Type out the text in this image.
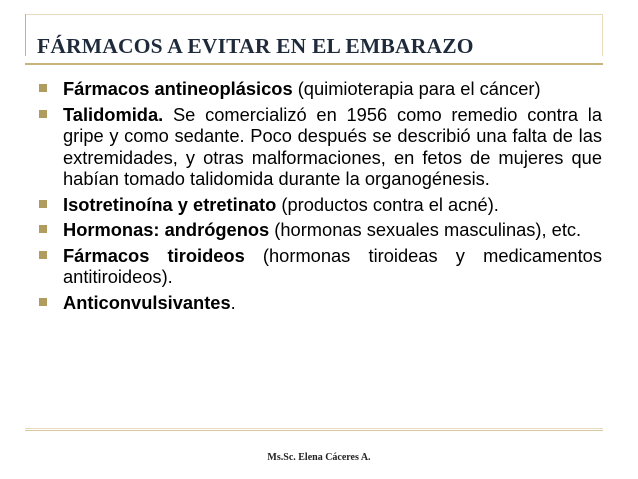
FÁRMACOS A EVITAR EN EL EMBARAZO
Fármacos antineoplásicos (quimioterapia para el cáncer)
Talidomida. Se comercializó en 1956 como remedio contra la gripe y como sedante. Poco después se describió una falta de las extremidades, y otras malformaciones, en fetos de mujeres que habían tomado talidomida durante la organogénesis.
Isotretinoína y etretinato (productos contra el acné).
Hormonas: andrógenos (hormonas sexuales masculinas), etc.
Fármacos tiroideos (hormonas tiroideas y medicamentos antitiroideos).
Anticonvulsivantes.
Ms.Sc. Elena Cáceres A.
